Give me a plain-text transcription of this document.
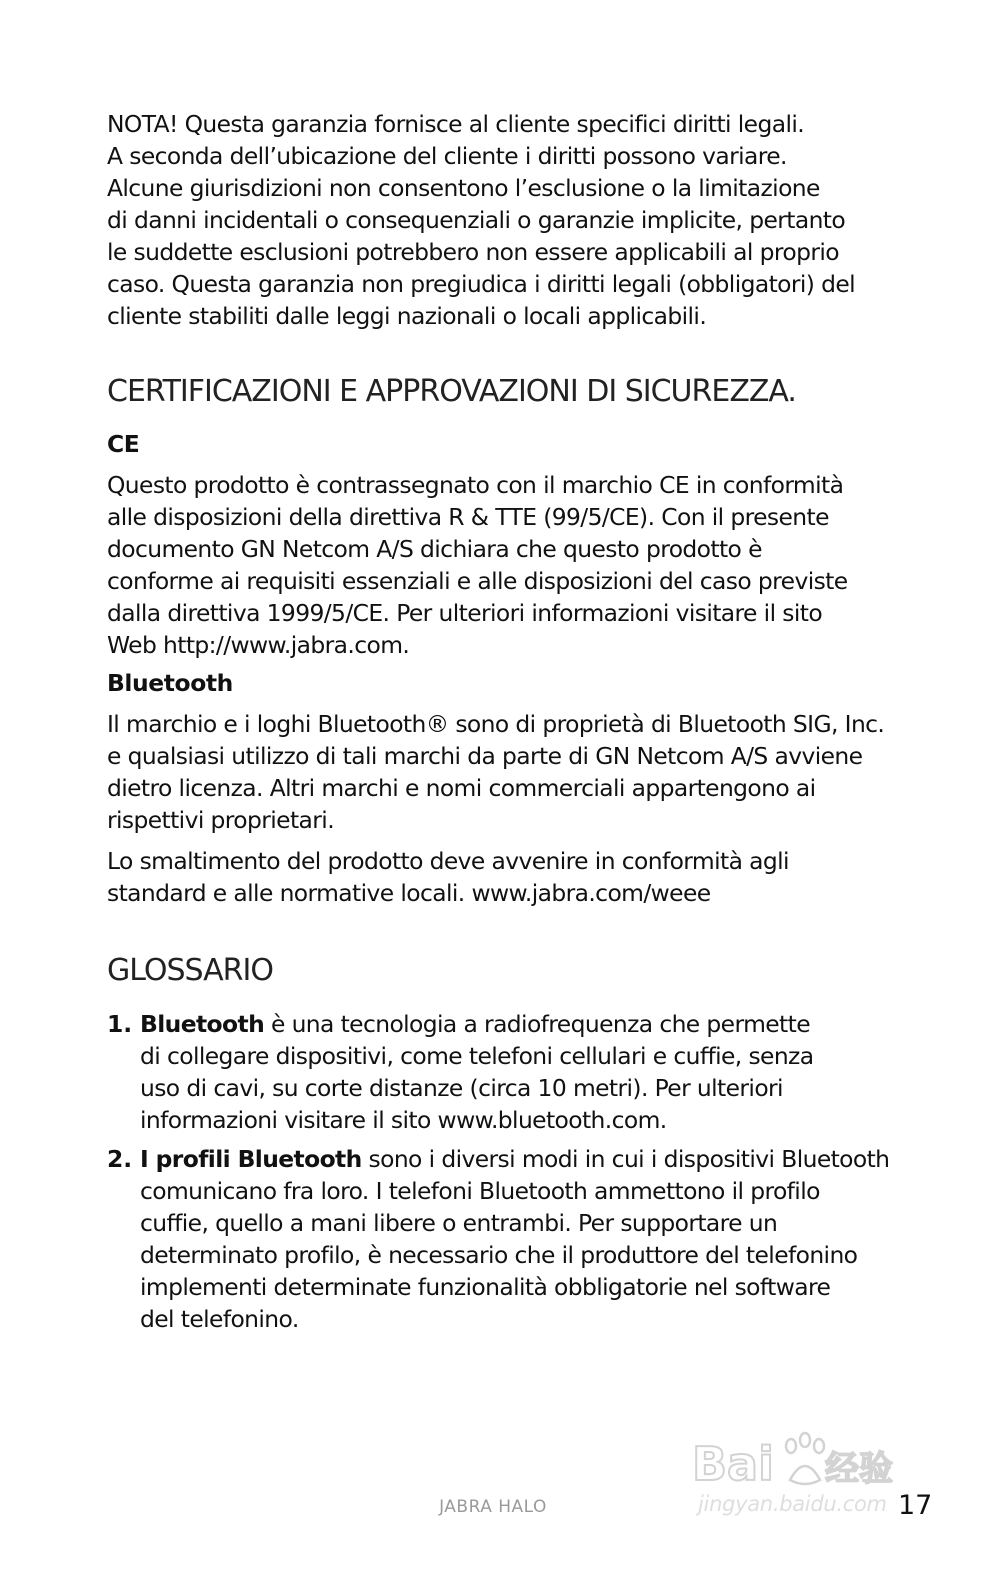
NOTA! Questa garanzia fornisce al cliente specifici diritti legali.
A seconda dell’ubicazione del cliente i diritti possono variare.
Alcune giurisdizioni non consentono l’esclusione o la limitazione
di danni incidentali o consequenziali o garanzie implicite, pertanto
le suddette esclusioni potrebbero non essere applicabili al proprio
caso. Questa garanzia non pregiudica i diritti legali (obbligatori) del
cliente stabiliti dalle leggi nazionali o locali applicabili.

CERTIFICAZIONI E APPROVAZIONI DI SICUREZZA.
CE

Questo prodotto è contrassegnato con il marchio CE in conformità
alle disposizioni della direttiva R & TTE (99/5/CE). Con il presente
documento GN Netcom A/S dichiara che questo prodotto è
conforme ai requisiti essenziali e alle disposizioni del caso previste
dalla direttiva 1999/5/CE. Per ulteriori informazioni visitare il sito
Web http://www.jabra.com.

Bluetooth

Il marchio e i loghi Bluetooth® sono di proprietà di Bluetooth SIG, Inc.
e qualsiasi utilizzo di tali marchi da parte di GN Netcom A/S avviene
dietro licenza. Altri marchi e nomi commerciali appartengono ai
rispettivi proprietari.

Lo smaltimento del prodotto deve avvenire in conformità agli
standard e alle normative locali. www.jabra.com/weee

GLOSSARIO
1. Bluetooth è una tecnologia a radiofrequenza che permette
di collegare dispositivi, come telefoni cellulari e cuffie, senza
uso di cavi, su corte distanze (circa 10 metri). Per ulteriori
informazioni visitare il sito www.bluetooth.com.
2. I profili Bluetooth sono i diversi modi in cui i dispositivi Bluetooth
comunicano fra loro. I telefoni Bluetooth ammettono il profilo
cuffie, quello a mani libere o entrambi. Per supportare un
determinato profilo, è necessario che il produttore del telefonino
implementi determinate funzionalità obbligatorie nel software
del telefonino.
Bai 经验
jingyan.baidu.com
JABRA HALO	17
